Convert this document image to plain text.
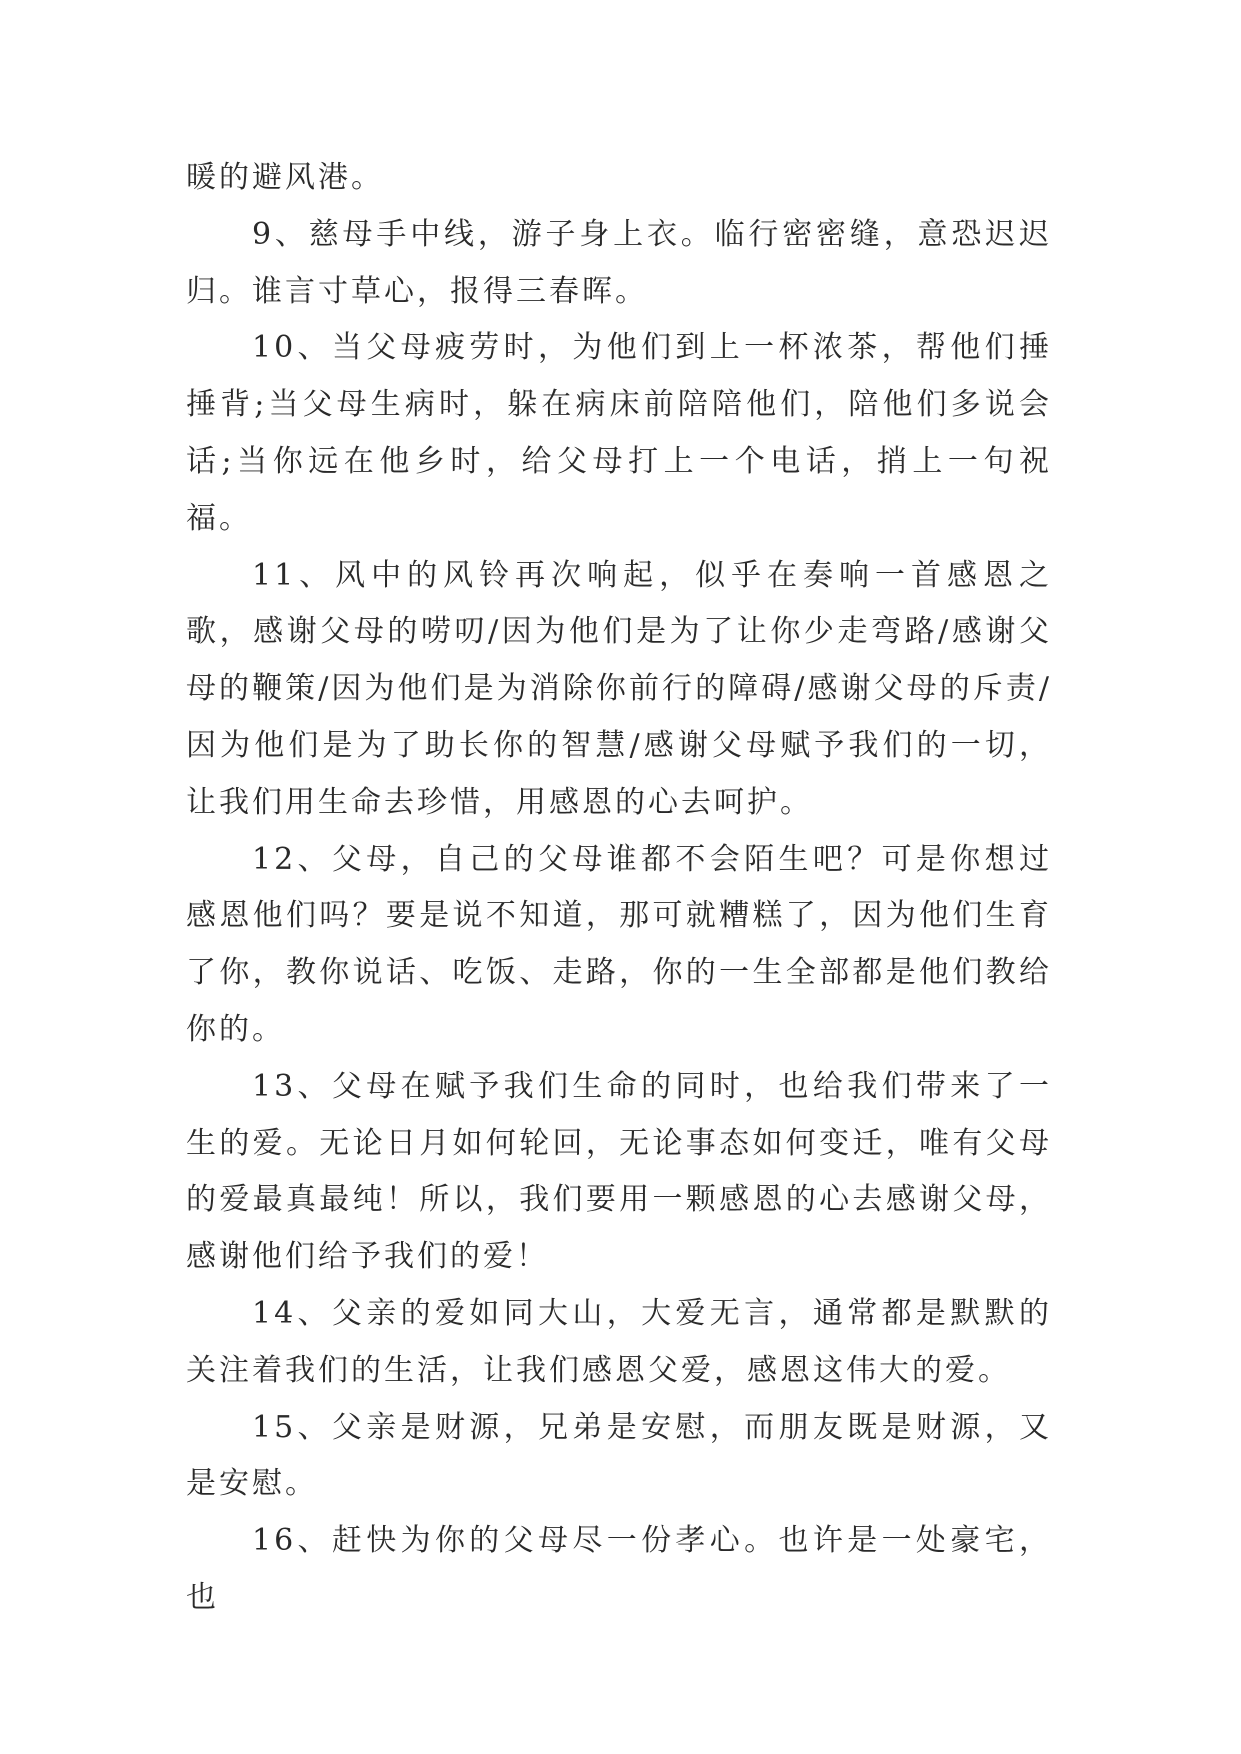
暖的避风港。

9、慈母手中线，游子身上衣。临行密密缝，意恐迟迟归。谁言寸草心，报得三春晖。

10、当父母疲劳时，为他们到上一杯浓茶，帮他们捶捶背;当父母生病时，躲在病床前陪陪他们，陪他们多说会话;当你远在他乡时，给父母打上一个电话，捎上一句祝福。

11、风中的风铃再次响起，似乎在奏响一首感恩之歌，感谢父母的唠叨/因为他们是为了让你少走弯路/感谢父母的鞭策/因为他们是为消除你前行的障碍/感谢父母的斥责/因为他们是为了助长你的智慧/感谢父母赋予我们的一切，让我们用生命去珍惜，用感恩的心去呵护。

12、父母，自己的父母谁都不会陌生吧？可是你想过感恩他们吗？要是说不知道，那可就糟糕了，因为他们生育了你，教你说话、吃饭、走路，你的一生全部都是他们教给你的。

13、父母在赋予我们生命的同时，也给我们带来了一生的爱。无论日月如何轮回，无论事态如何变迁，唯有父母的爱最真最纯！所以，我们要用一颗感恩的心去感谢父母，感谢他们给予我们的爱！

14、父亲的爱如同大山，大爱无言，通常都是默默的关注着我们的生活，让我们感恩父爱，感恩这伟大的爱。

15、父亲是财源，兄弟是安慰，而朋友既是财源，又是安慰。

16、赶快为你的父母尽一份孝心。也许是一处豪宅，也
